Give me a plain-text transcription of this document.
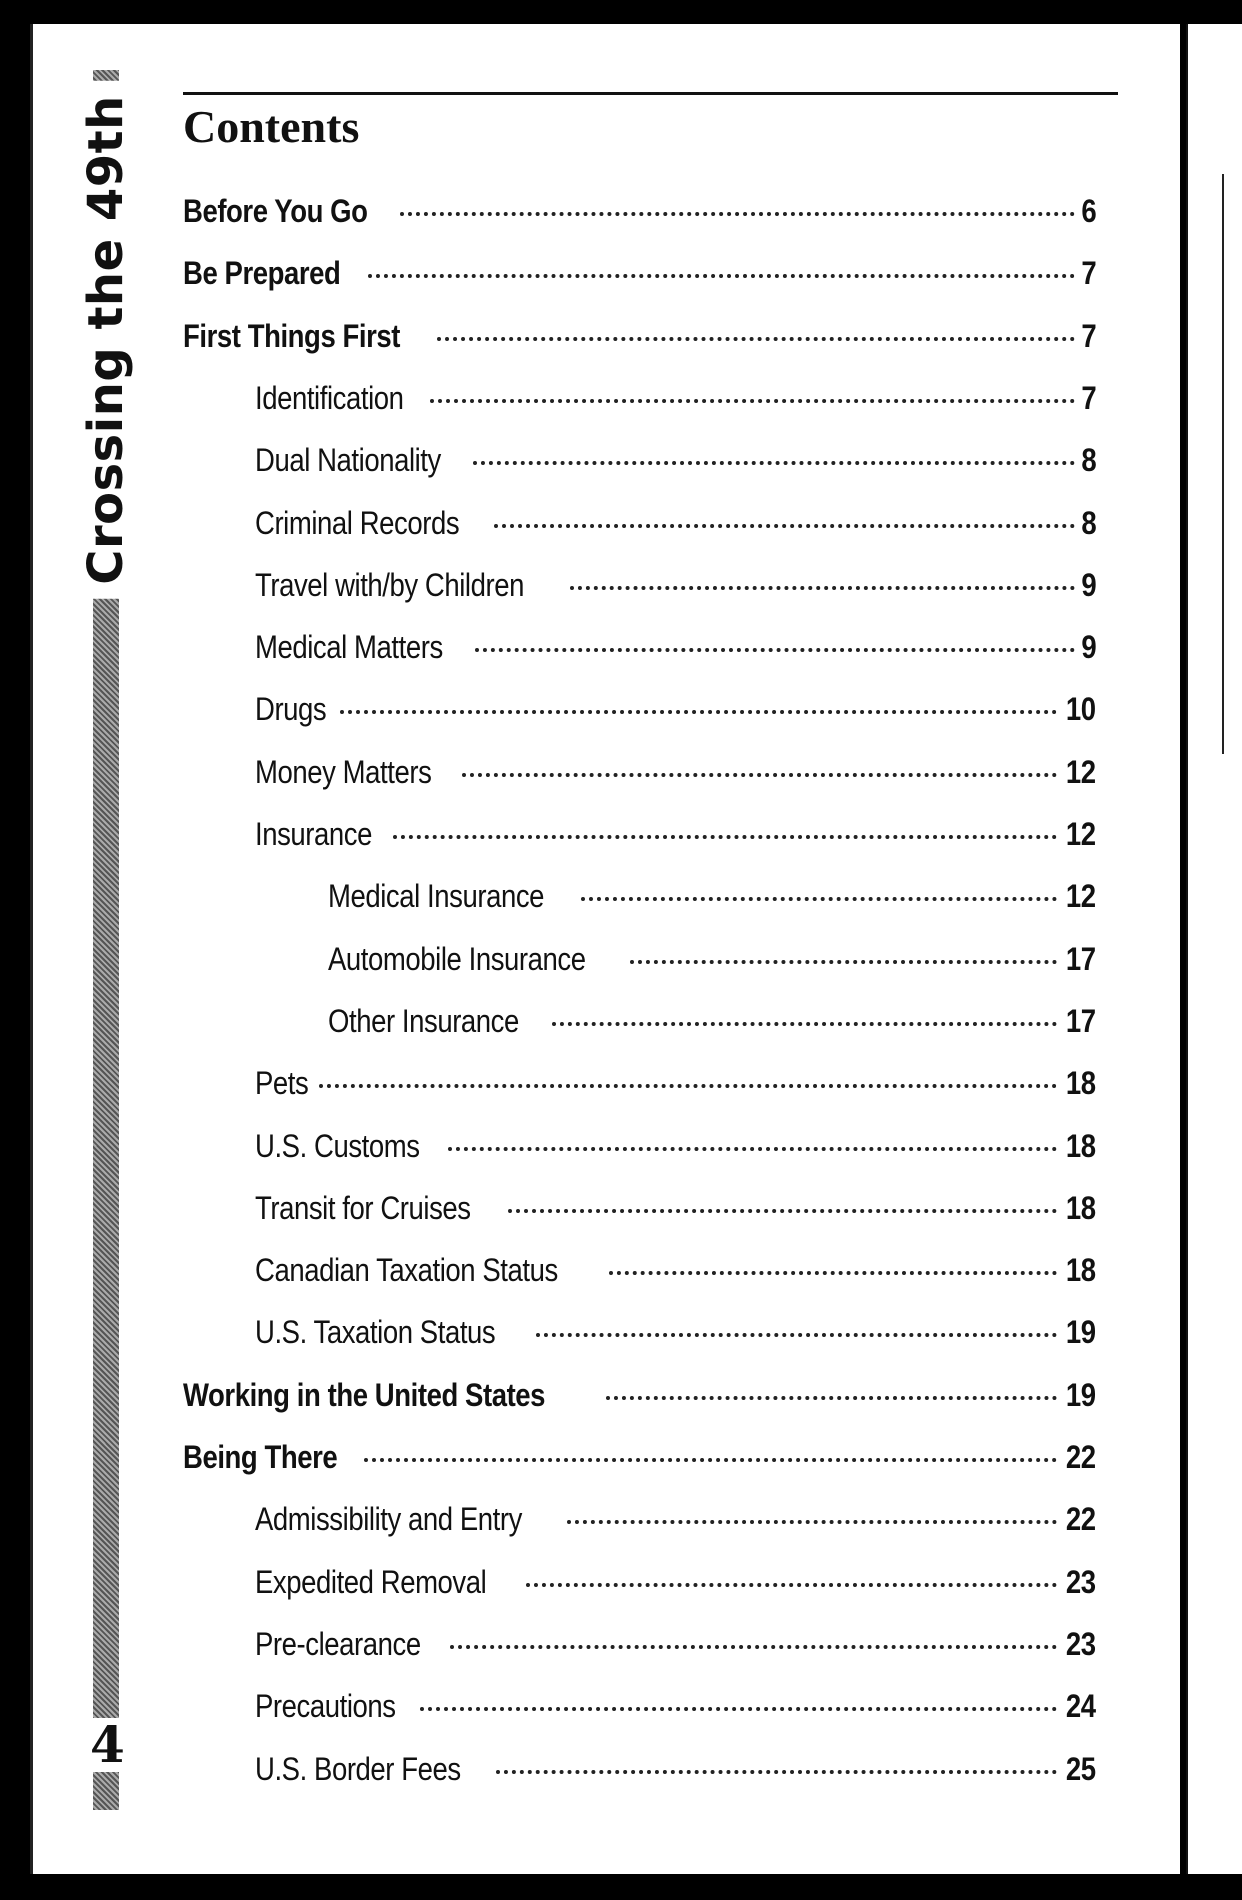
Crossing the 49th
4
Contents
Before You Go	6
Be Prepared	7
First Things First	7
Identification	7
Dual Nationality	8
Criminal Records	8
Travel with/by Children	9
Medical Matters	9
Drugs	10
Money Matters	12
Insurance	12
Medical Insurance	12
Automobile Insurance	17
Other Insurance	17
Pets	18
U.S. Customs	18
Transit for Cruises	18
Canadian Taxation Status	18
U.S. Taxation Status	19
Working in the United States	19
Being There	22
Admissibility and Entry	22
Expedited Removal	23
Pre-clearance	23
Precautions	24
U.S. Border Fees	25
